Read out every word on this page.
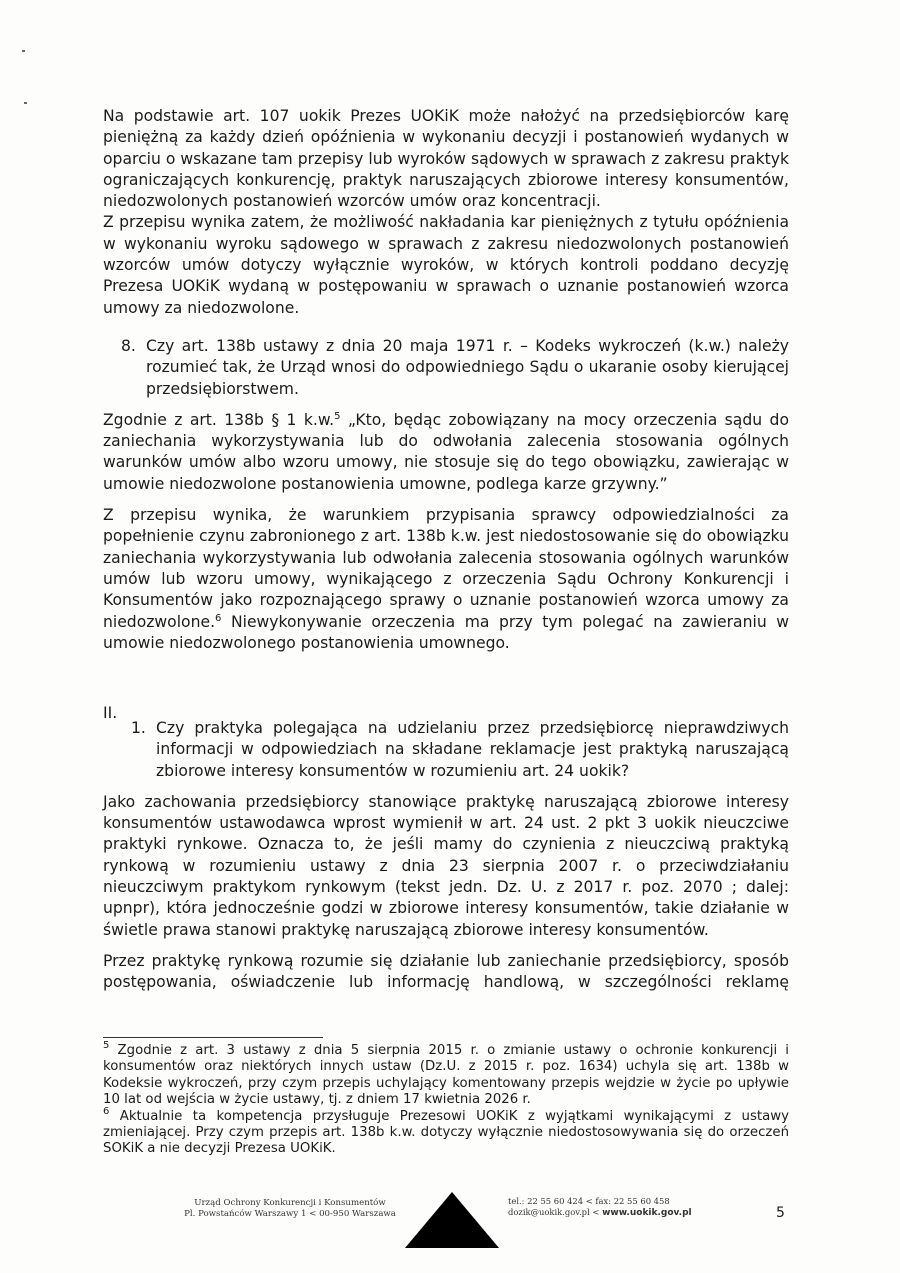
Na podstawie art. 107 uokik Prezes UOKiK może nałożyć na przedsiębiorców karę pieniężną za każdy dzień opóźnienia w wykonaniu decyzji i postanowień wydanych w oparciu o wskazane tam przepisy lub wyroków sądowych w sprawach z zakresu praktyk ograniczających konkurencję, praktyk naruszających zbiorowe interesy konsumentów, niedozwolonych postanowień wzorców umów oraz koncentracji.

Z przepisu wynika zatem, że możliwość nakładania kar pieniężnych z tytułu opóźnienia w wykonaniu wyroku sądowego w sprawach z zakresu niedozwolonych postanowień wzorców umów dotyczy wyłącznie wyroków, w których kontroli poddano decyzję Prezesa UOKiK wydaną w postępowaniu w sprawach o uznanie postanowień wzorca umowy za niedozwolone.

8. Czy art. 138b ustawy z dnia 20 maja 1971 r. – Kodeks wykroczeń (k.w.) należy rozumieć tak, że Urząd wnosi do odpowiedniego Sądu o ukaranie osoby kierującej przedsiębiorstwem.

Zgodnie z art. 138b § 1 k.w.$^5$ „Kto, będąc zobowiązany na mocy orzeczenia sądu do zaniechania wykorzystywania lub do odwołania zalecenia stosowania ogólnych warunków umów albo wzoru umowy, nie stosuje się do tego obowiązku, zawierając w umowie niedozwolone postanowienia umowne, podlega karze grzywny.”

Z przepisu wynika, że warunkiem przypisania sprawcy odpowiedzialności za popełnienie czynu zabronionego z art. 138b k.w. jest niedostosowanie się do obowiązku zaniechania wykorzystywania lub odwołania zalecenia stosowania ogólnych warunków umów lub wzoru umowy, wynikającego z orzeczenia Sądu Ochrony Konkurencji i Konsumentów jako rozpoznającego sprawy o uznanie postanowień wzorca umowy za niedozwolone.$^6$ Niewykonywanie orzeczenia ma przy tym polegać na zawieraniu w umowie niedozwolonego postanowienia umownego.

II.
1. Czy praktyka polegająca na udzielaniu przez przedsiębiorcę nieprawdziwych informacji w odpowiedziach na składane reklamacje jest praktyką naruszającą zbiorowe interesy konsumentów w rozumieniu art. 24 uokik?

Jako zachowania przedsiębiorcy stanowiące praktykę naruszającą zbiorowe interesy konsumentów ustawodawca wprost wymienił w art. 24 ust. 2 pkt 3 uokik nieuczciwe praktyki rynkowe. Oznacza to, że jeśli mamy do czynienia z nieuczciwą praktyką rynkową w rozumieniu ustawy z dnia 23 sierpnia 2007 r. o przeciwdziałaniu nieuczciwym praktykom rynkowym (tekst jedn. Dz. U. z 2017 r. poz. 2070 ; dalej: upnpr), która jednocześnie godzi w zbiorowe interesy konsumentów, takie działanie w świetle prawa stanowi praktykę naruszającą zbiorowe interesy konsumentów.

Przez praktykę rynkową rozumie się działanie lub zaniechanie przedsiębiorcy, sposób postępowania, oświadczenie lub informację handlową, w szczególności reklamę

$^5$ Zgodnie z art. 3 ustawy z dnia 5 sierpnia 2015 r. o zmianie ustawy o ochronie konkurencji i konsumentów oraz niektórych innych ustaw (Dz.U. z 2015 r. poz. 1634) uchyla się art. 138b w Kodeksie wykroczeń, przy czym przepis uchylający komentowany przepis wejdzie w życie po upływie 10 lat od wejścia w życie ustawy, tj. z dniem 17 kwietnia 2026 r.

$^6$ Aktualnie ta kompetencja przysługuje Prezesowi UOKiK z wyjątkami wynikającymi z ustawy zmieniającej. Przy czym przepis art. 138b k.w. dotyczy wyłącznie niedostosowywania się do orzeczeń SOKiK a nie decyzji Prezesa UOKiK.

Urząd Ochrony Konkurencji i Konsumentów
Pl. Powstańców Warszawy 1 < 00-950 Warszawa
tel.: 22 55 60 424 < fax: 22 55 60 458
dozik@uokik.gov.pl < www.uokik.gov.pl	5
